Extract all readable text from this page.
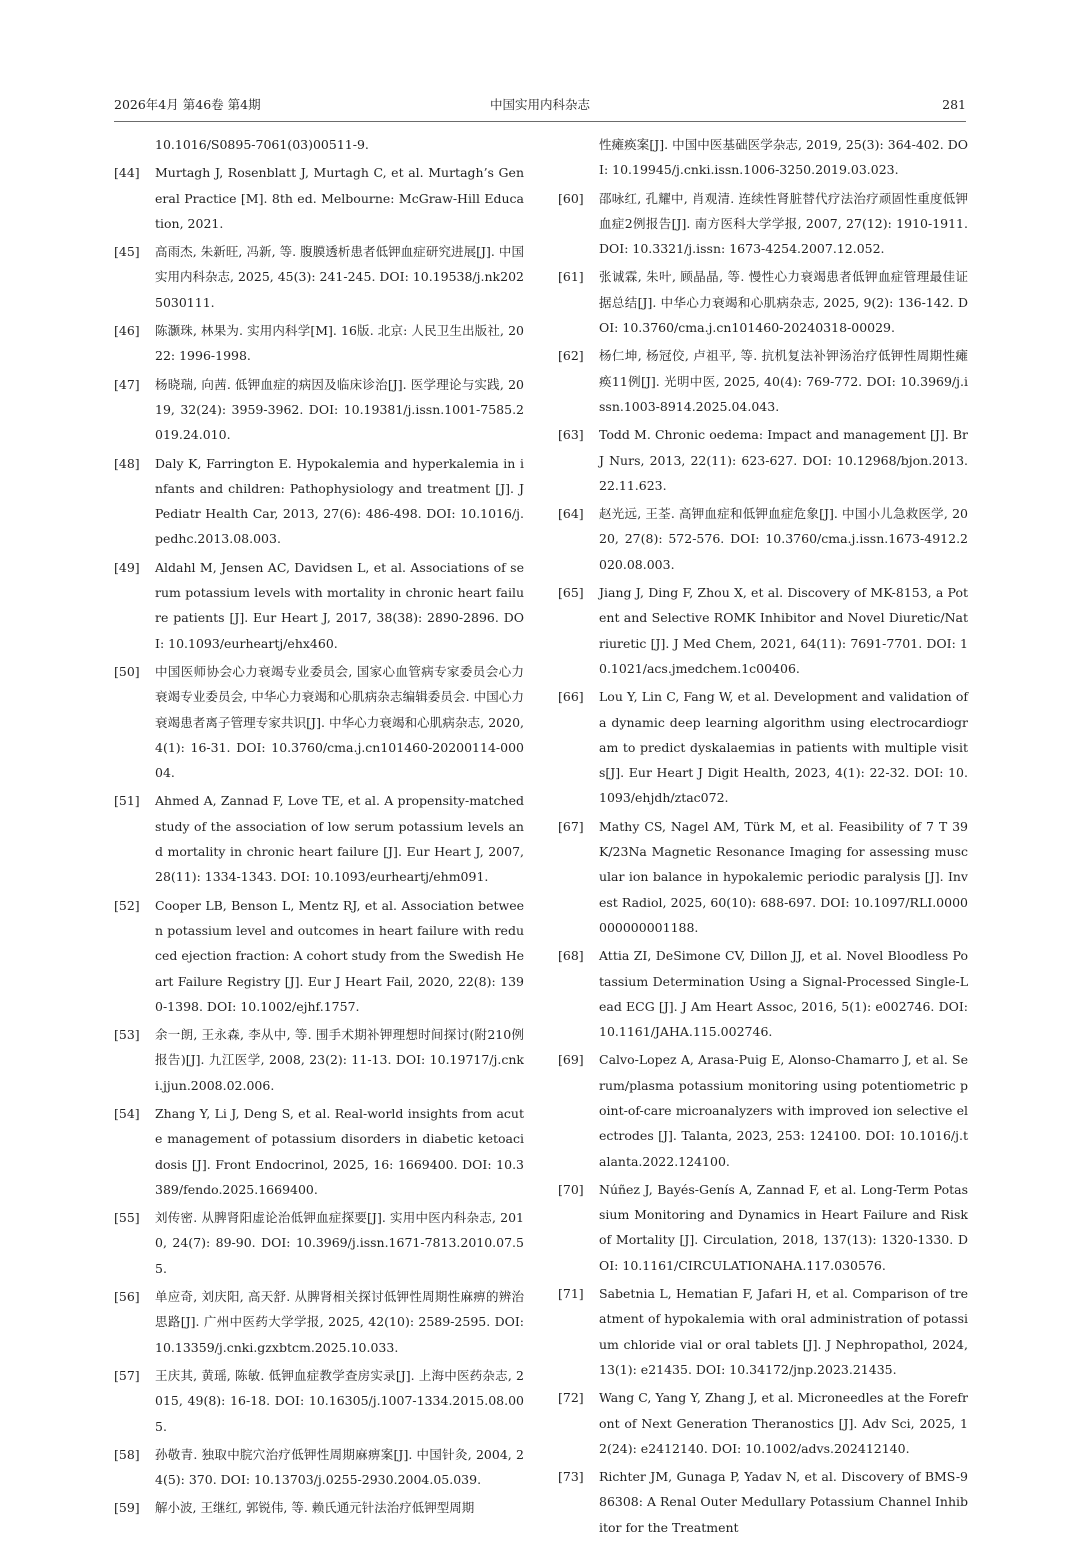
2026年4月 第46卷 第4期	中国实用内科杂志	281
10.1016/S0895-7061(03)00511-9.
[44] Murtagh J, Rosenblatt J, Murtagh C, et al. Murtagh’s General Practice [M]. 8th ed. Melbourne: McGraw-Hill Education, 2021.
[45] 高雨杰, 朱新旺, 冯新, 等. 腹膜透析患者低钾血症研究进展[J]. 中国实用内科杂志, 2025, 45(3): 241-245. DOI: 10.19538/j.nk2025030111.
[46] 陈灏珠, 林果为. 实用内科学[M]. 16版. 北京: 人民卫生出版社, 2022: 1996-1998.
[47] 杨晓瑞, 向茜. 低钾血症的病因及临床诊治[J]. 医学理论与实践, 2019, 32(24): 3959-3962. DOI: 10.19381/j.issn.1001-7585.2019.24.010.
[48] Daly K, Farrington E. Hypokalemia and hyperkalemia in infants and children: Pathophysiology and treatment [J]. J Pediatr Health Car, 2013, 27(6): 486-498. DOI: 10.1016/j.pedhc.2013.08.003.
[49] Aldahl M, Jensen AC, Davidsen L, et al. Associations of serum potassium levels with mortality in chronic heart failure patients [J]. Eur Heart J, 2017, 38(38): 2890-2896. DOI: 10.1093/eurheartj/ehx460.
[50] 中国医师协会心力衰竭专业委员会, 国家心血管病专家委员会心力衰竭专业委员会, 中华心力衰竭和心肌病杂志编辑委员会. 中国心力衰竭患者离子管理专家共识[J]. 中华心力衰竭和心肌病杂志, 2020, 4(1): 16-31. DOI: 10.3760/cma.j.cn101460-20200114-00004.
[51] Ahmed A, Zannad F, Love TE, et al. A propensity-matched study of the association of low serum potassium levels and mortality in chronic heart failure [J]. Eur Heart J, 2007, 28(11): 1334-1343. DOI: 10.1093/eurheartj/ehm091.
[52] Cooper LB, Benson L, Mentz RJ, et al. Association between potassium level and outcomes in heart failure with reduced ejection fraction: A cohort study from the Swedish Heart Failure Registry [J]. Eur J Heart Fail, 2020, 22(8): 1390-1398. DOI: 10.1002/ejhf.1757.
[53] 余一朗, 王永森, 李从中, 等. 围手术期补钾理想时间探讨(附210例报告)[J]. 九江医学, 2008, 23(2): 11-13. DOI: 10.19717/j.cnki.jjun.2008.02.006.
[54] Zhang Y, Li J, Deng S, et al. Real-world insights from acute management of potassium disorders in diabetic ketoacidosis [J]. Front Endocrinol, 2025, 16: 1669400. DOI: 10.3389/fendo.2025.1669400.
[55] 刘传密. 从脾肾阳虚论治低钾血症探要[J]. 实用中医内科杂志, 2010, 24(7): 89-90. DOI: 10.3969/j.issn.1671-7813.2010.07.55.
[56] 单应奇, 刘庆阳, 高天舒. 从脾肾相关探讨低钾性周期性麻痹的辨治思路[J]. 广州中医药大学学报, 2025, 42(10): 2589-2595. DOI: 10.13359/j.cnki.gzxbtcm.2025.10.033.
[57] 王庆其, 黄瑶, 陈敏. 低钾血症教学查房实录[J]. 上海中医药杂志, 2015, 49(8): 16-18. DOI: 10.16305/j.1007-1334.2015.08.005.
[58] 孙敬青. 独取中脘穴治疗低钾性周期麻痹案[J]. 中国针灸, 2004, 24(5): 370. DOI: 10.13703/j.0255-2930.2004.05.039.
[59] 解小波, 王继红, 郭锐伟, 等. 赖氏通元针法治疗低钾型周期
性瘫痪案[J]. 中国中医基础医学杂志, 2019, 25(3): 364-402. DOI: 10.19945/j.cnki.issn.1006-3250.2019.03.023.
[60] 邵咏红, 孔耀中, 肖观清. 连续性肾脏替代疗法治疗顽固性重度低钾血症2例报告[J]. 南方医科大学学报, 2007, 27(12): 1910-1911. DOI: 10.3321/j.issn: 1673-4254.2007.12.052.
[61] 张诚霖, 朱叶, 顾晶晶, 等. 慢性心力衰竭患者低钾血症管理最佳证据总结[J]. 中华心力衰竭和心肌病杂志, 2025, 9(2): 136-142. DOI: 10.3760/cma.j.cn101460-20240318-00029.
[62] 杨仁坤, 杨冠佼, 卢祖平, 等. 抗机复法补钾汤治疗低钾性周期性瘫痪11例[J]. 光明中医, 2025, 40(4): 769-772. DOI: 10.3969/j.issn.1003-8914.2025.04.043.
[63] Todd M. Chronic oedema: Impact and management [J]. Br J Nurs, 2013, 22(11): 623-627. DOI: 10.12968/bjon.2013.22.11.623.
[64] 赵光远, 王荃. 高钾血症和低钾血症危象[J]. 中国小儿急救医学, 2020, 27(8): 572-576. DOI: 10.3760/cma.j.issn.1673-4912.2020.08.003.
[65] Jiang J, Ding F, Zhou X, et al. Discovery of MK-8153, a Potent and Selective ROMK Inhibitor and Novel Diuretic/Natriuretic [J]. J Med Chem, 2021, 64(11): 7691-7701. DOI: 10.1021/acs.jmedchem.1c00406.
[66] Lou Y, Lin C, Fang W, et al. Development and validation of a dynamic deep learning algorithm using electrocardiogram to predict dyskalaemias in patients with multiple visits[J]. Eur Heart J Digit Health, 2023, 4(1): 22-32. DOI: 10.1093/ehjdh/ztac072.
[67] Mathy CS, Nagel AM, Türk M, et al. Feasibility of 7 T 39K/23Na Magnetic Resonance Imaging for assessing muscular ion balance in hypokalemic periodic paralysis [J]. Invest Radiol, 2025, 60(10): 688-697. DOI: 10.1097/RLI.0000000000001188.
[68] Attia ZI, DeSimone CV, Dillon JJ, et al. Novel Bloodless Potassium Determination Using a Signal-Processed Single-Lead ECG [J]. J Am Heart Assoc, 2016, 5(1): e002746. DOI: 10.1161/JAHA.115.002746.
[69] Calvo-Lopez A, Arasa-Puig E, Alonso-Chamarro J, et al. Serum/plasma potassium monitoring using potentiometric point-of-care microanalyzers with improved ion selective electrodes [J]. Talanta, 2023, 253: 124100. DOI: 10.1016/j.talanta.2022.124100.
[70] Núñez J, Bayés-Genís A, Zannad F, et al. Long-Term Potassium Monitoring and Dynamics in Heart Failure and Risk of Mortality [J]. Circulation, 2018, 137(13): 1320-1330. DOI: 10.1161/CIRCULATIONAHA.117.030576.
[71] Sabetnia L, Hematian F, Jafari H, et al. Comparison of treatment of hypokalemia with oral administration of potassium chloride vial or oral tablets [J]. J Nephropathol, 2024, 13(1): e21435. DOI: 10.34172/jnp.2023.21435.
[72] Wang C, Yang Y, Zhang J, et al. Microneedles at the Forefront of Next Generation Theranostics [J]. Adv Sci, 2025, 12(24): e2412140. DOI: 10.1002/advs.202412140.
[73] Richter JM, Gunaga P, Yadav N, et al. Discovery of BMS-986308: A Renal Outer Medullary Potassium Channel Inhibitor for the Treatment
